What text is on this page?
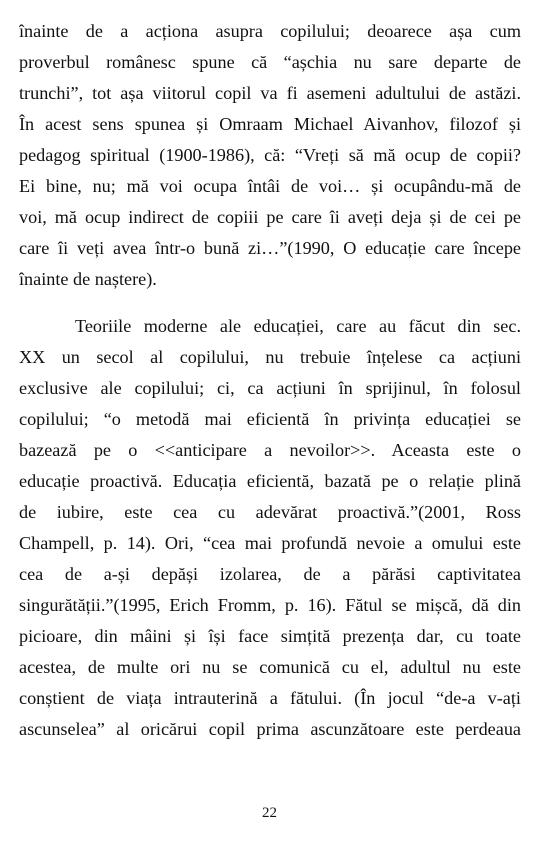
înainte de a acționa asupra copilului; deoarece așa cum
proverbul românesc spune că “așchia nu sare departe de
trunchi”, tot așa viitorul copil va fi asemeni adultului de astăzi.
În acest sens spunea și Omraam Michael Aivanhov, filozof și
pedagog spiritual (1900-1986), că: “Vreți să mă ocup de copii?
Ei bine, nu; mă voi ocupa întâi de voi… și ocupându-mă de
voi, mă ocup indirect de copiii pe care îi aveți deja și de cei pe
care îi veți avea într-o bună zi…”(1990, O educație care începe
înainte de naștere).
Teoriile moderne ale educației, care au făcut din sec.
XX un secol al copilului, nu trebuie înțelese ca acțiuni
exclusive ale copilului; ci, ca acțiuni în sprijinul, în folosul
copilului; “o metodă mai eficientă în privința educației se
bazează pe o <<anticipare a nevoilor>>. Aceasta este o
educație proactivă. Educația eficientă, bazată pe o relație plină
de iubire, este cea cu adevărat proactivă.”(2001, Ross
Champell, p. 14). Ori, “cea mai profundă nevoie a omului este
cea de a-și depăși izolarea, de a părăsi captivitatea
singurătății.”(1995, Erich Fromm, p. 16). Fătul se mișcă, dă din
picioare, din mâini și își face simțită prezența dar, cu toate
acestea, de multe ori nu se comunică cu el, adultul nu este
conștient de viața intrauterină a fătului. (În jocul “de-a v-ați
ascunselea” al oricărui copil prima ascunzătoare este perdeaua
22
